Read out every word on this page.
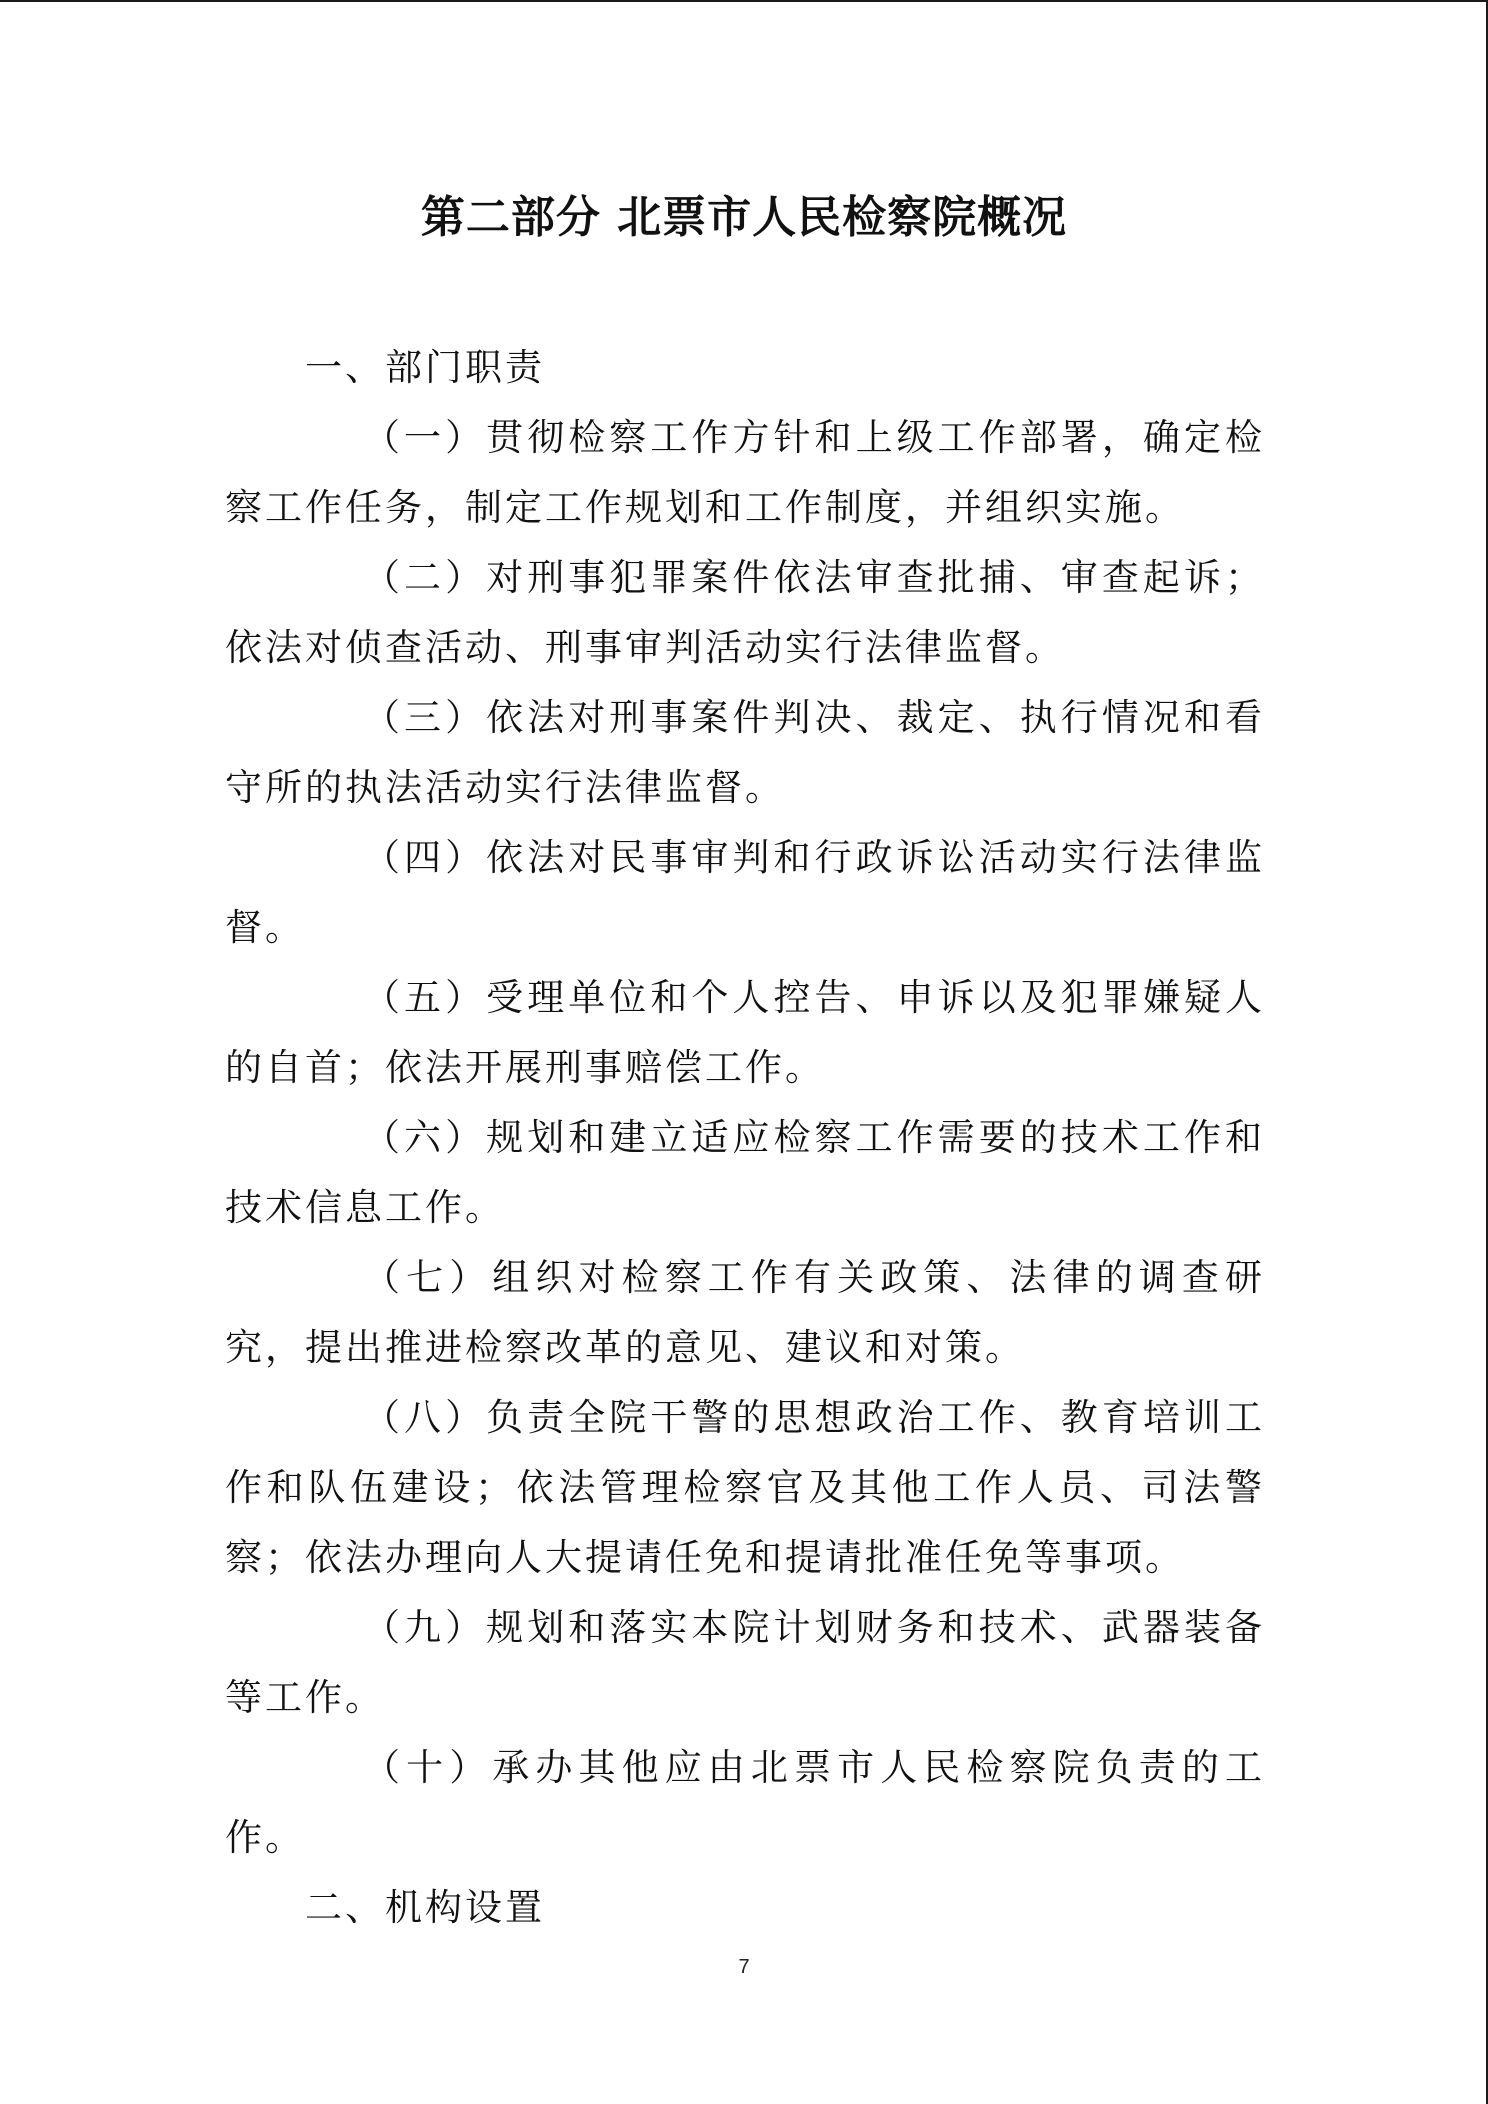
第二部分 北票市人民检察院概况

一、部门职责

（一）贯彻检察工作方针和上级工作部署，确定检察工作任务，制定工作规划和工作制度，并组织实施。

（二）对刑事犯罪案件依法审查批捕、审查起诉；依法对侦查活动、刑事审判活动实行法律监督。

（三）依法对刑事案件判决、裁定、执行情况和看守所的执法活动实行法律监督。

（四）依法对民事审判和行政诉讼活动实行法律监督。

（五）受理单位和个人控告、申诉以及犯罪嫌疑人的自首；依法开展刑事赔偿工作。

（六）规划和建立适应检察工作需要的技术工作和技术信息工作。

（七）组织对检察工作有关政策、法律的调查研究，提出推进检察改革的意见、建议和对策。

（八）负责全院干警的思想政治工作、教育培训工作和队伍建设；依法管理检察官及其他工作人员、司法警察；依法办理向人大提请任免和提请批准任免等事项。

（九）规划和落实本院计划财务和技术、武器装备等工作。

（十）承办其他应由北票市人民检察院负责的工作。

二、机构设置

7
